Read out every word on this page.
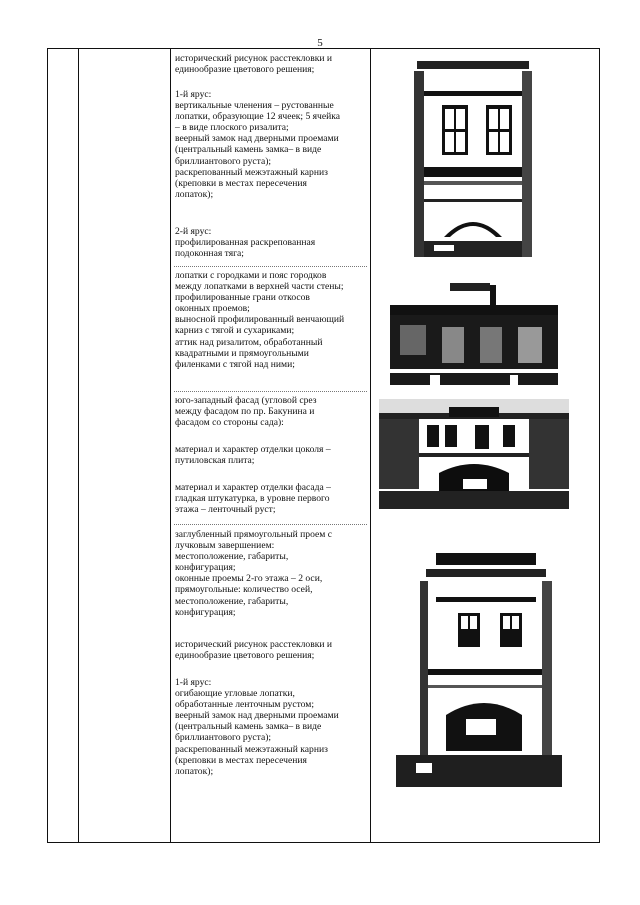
5
исторический рисунок расстекловки и
единообразие цветового решения;
1-й ярус:
вертикальные членения – рустованные
лопатки, образующие 12 ячеек; 5 ячейка
– в виде плоского ризалита;
веерный замок над дверными проемами
(центральный камень замка– в виде
бриллиантового руста);
раскрепованный межэтажный карниз
(креповки в местах пересечения
лопаток);
2-й ярус:
профилированная раскрепованная
подоконная тяга;
лопатки с городками и пояс городков
между лопатками в верхней части стены;
профилированные грани откосов
оконных проемов;
выносной профилированный венчающий
карниз с тягой и сухариками;
аттик над ризалитом, обработанный
квадратными и прямоугольными
филенками с тягой над ними;
юго-западный фасад (угловой срез
между фасадом по пр. Бакунина и
фасадом со стороны сада):
материал и характер отделки цоколя –
путиловская плита;
материал и характер отделки фасада –
гладкая штукатурка, в уровне первого
этажа – ленточный руст;
заглубленный прямоугольный проем с
лучковым завершением:
местоположение, габариты,
конфигурация;
оконные проемы 2-го этажа – 2 оси,
прямоугольные: количество осей,
местоположение, габариты,
конфигурация;
исторический рисунок расстекловки и
единообразие цветового решения;
1-й ярус:
огибающие угловые лопатки,
обработанные ленточным рустом;
веерный замок над дверными проемами
(центральный камень замка– в виде
бриллиантового руста);
раскрепованный межэтажный карниз
(креповки в местах пересечения
лопаток);
